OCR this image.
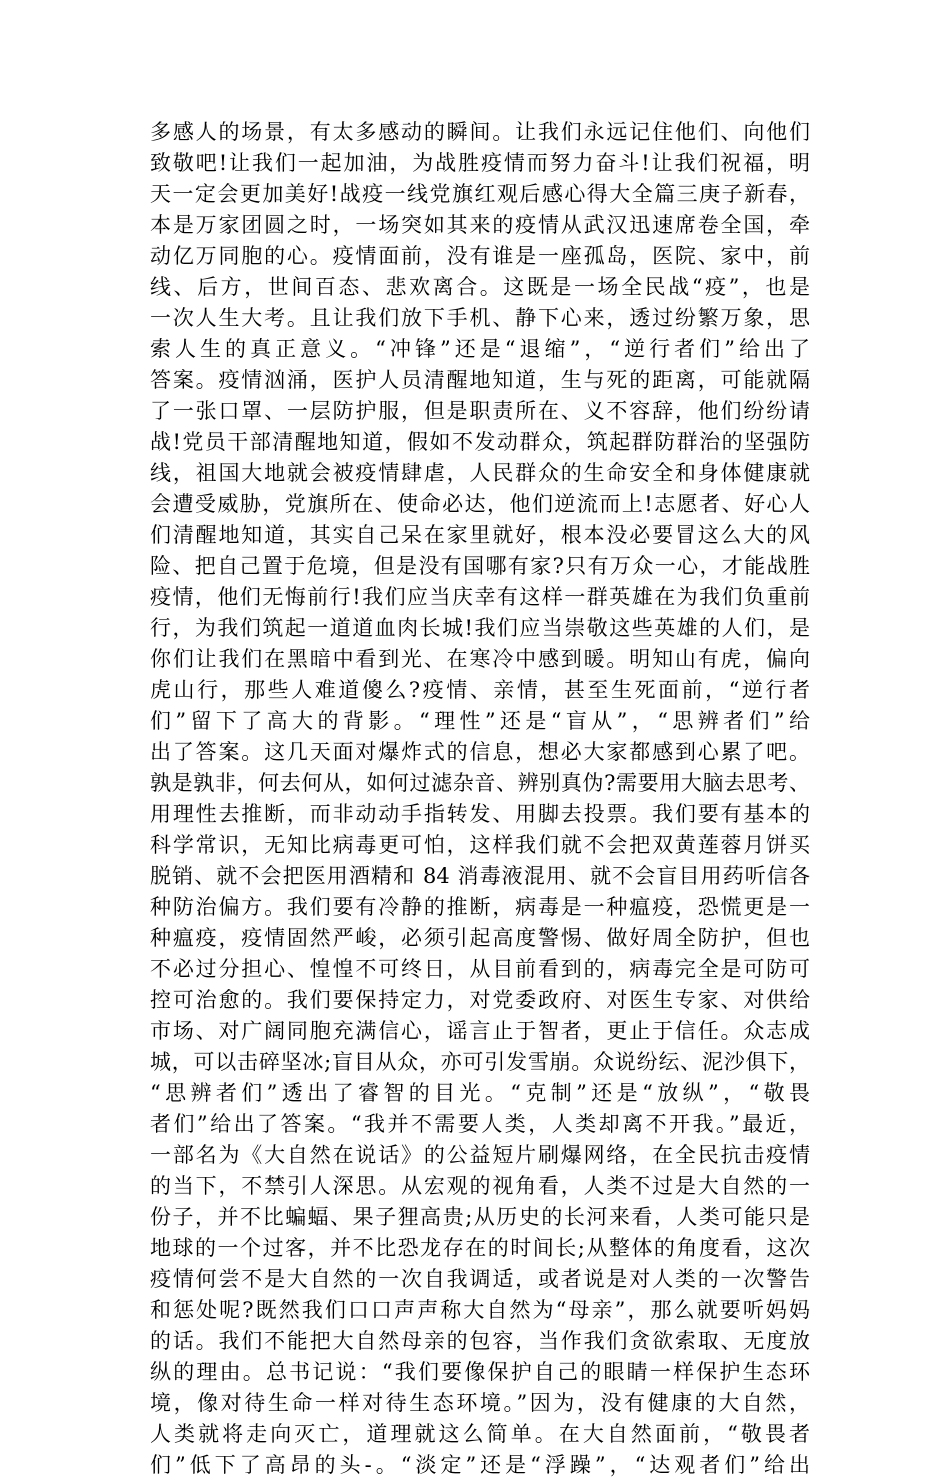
多感人的场景，有太多感动的瞬间。让我们永远记住他们、向他们
致敬吧!让我们一起加油，为战胜疫情而努力奋斗!让我们祝福，明
天一定会更加美好!战疫一线党旗红观后感心得大全篇三庚子新春，
本是万家团圆之时，一场突如其来的疫情从武汉迅速席卷全国，牵
动亿万同胞的心。疫情面前，没有谁是一座孤岛，医院、家中，前
线、后方，世间百态、悲欢离合。这既是一场全民战“疫”，也是
一次人生大考。且让我们放下手机、静下心来，透过纷繁万象，思
索人生的真正意义。“冲锋”还是“退缩”，“逆行者们”给出了
答案。疫情汹涌，医护人员清醒地知道，生与死的距离，可能就隔
了一张口罩、一层防护服，但是职责所在、义不容辞，他们纷纷请
战!党员干部清醒地知道，假如不发动群众，筑起群防群治的坚强防
线，祖国大地就会被疫情肆虐，人民群众的生命安全和身体健康就
会遭受威胁，党旗所在、使命必达，他们逆流而上!志愿者、好心人
们清醒地知道，其实自己呆在家里就好，根本没必要冒这么大的风
险、把自己置于危境，但是没有国哪有家?只有万众一心，才能战胜
疫情，他们无悔前行!我们应当庆幸有这样一群英雄在为我们负重前
行，为我们筑起一道道血肉长城!我们应当崇敬这些英雄的人们，是
你们让我们在黑暗中看到光、在寒冷中感到暖。明知山有虎，偏向
虎山行，那些人难道傻么?疫情、亲情，甚至生死面前，“逆行者
们”留下了高大的背影。“理性”还是“盲从”，“思辨者们”给
出了答案。这几天面对爆炸式的信息，想必大家都感到心累了吧。
孰是孰非，何去何从，如何过滤杂音、辨别真伪?需要用大脑去思考、
用理性去推断，而非动动手指转发、用脚去投票。我们要有基本的
科学常识，无知比病毒更可怕，这样我们就不会把双黄莲蓉月饼买
脱销、就不会把医用酒精和 84 消毒液混用、就不会盲目用药听信各
种防治偏方。我们要有冷静的推断，病毒是一种瘟疫，恐慌更是一
种瘟疫，疫情固然严峻，必须引起高度警惕、做好周全防护，但也
不必过分担心、惶惶不可终日，从目前看到的，病毒完全是可防可
控可治愈的。我们要保持定力，对党委政府、对医生专家、对供给
市场、对广阔同胞充满信心，谣言止于智者，更止于信任。众志成
城，可以击碎坚冰;盲目从众，亦可引发雪崩。众说纷纭、泥沙俱下，
“思辨者们”透出了睿智的目光。“克制”还是“放纵”，“敬畏
者们”给出了答案。“我并不需要人类，人类却离不开我。”最近，
一部名为《大自然在说话》的公益短片刷爆网络，在全民抗击疫情
的当下，不禁引人深思。从宏观的视角看，人类不过是大自然的一
份子，并不比蝙蝠、果子狸高贵;从历史的长河来看，人类可能只是
地球的一个过客，并不比恐龙存在的时间长;从整体的角度看，这次
疫情何尝不是大自然的一次自我调适，或者说是对人类的一次警告
和惩处呢?既然我们口口声声称大自然为“母亲”，那么就要听妈妈
的话。我们不能把大自然母亲的包容，当作我们贪欲索取、无度放
纵的理由。总书记说：“我们要像保护自己的眼睛一样保护生态环
境，像对待生命一样对待生态环境。”因为，没有健康的大自然，
人类就将走向灭亡，道理就这么简单。在大自然面前，“敬畏者
们”低下了高昂的头-。“淡定”还是“浮躁”，“达观者们”给出
